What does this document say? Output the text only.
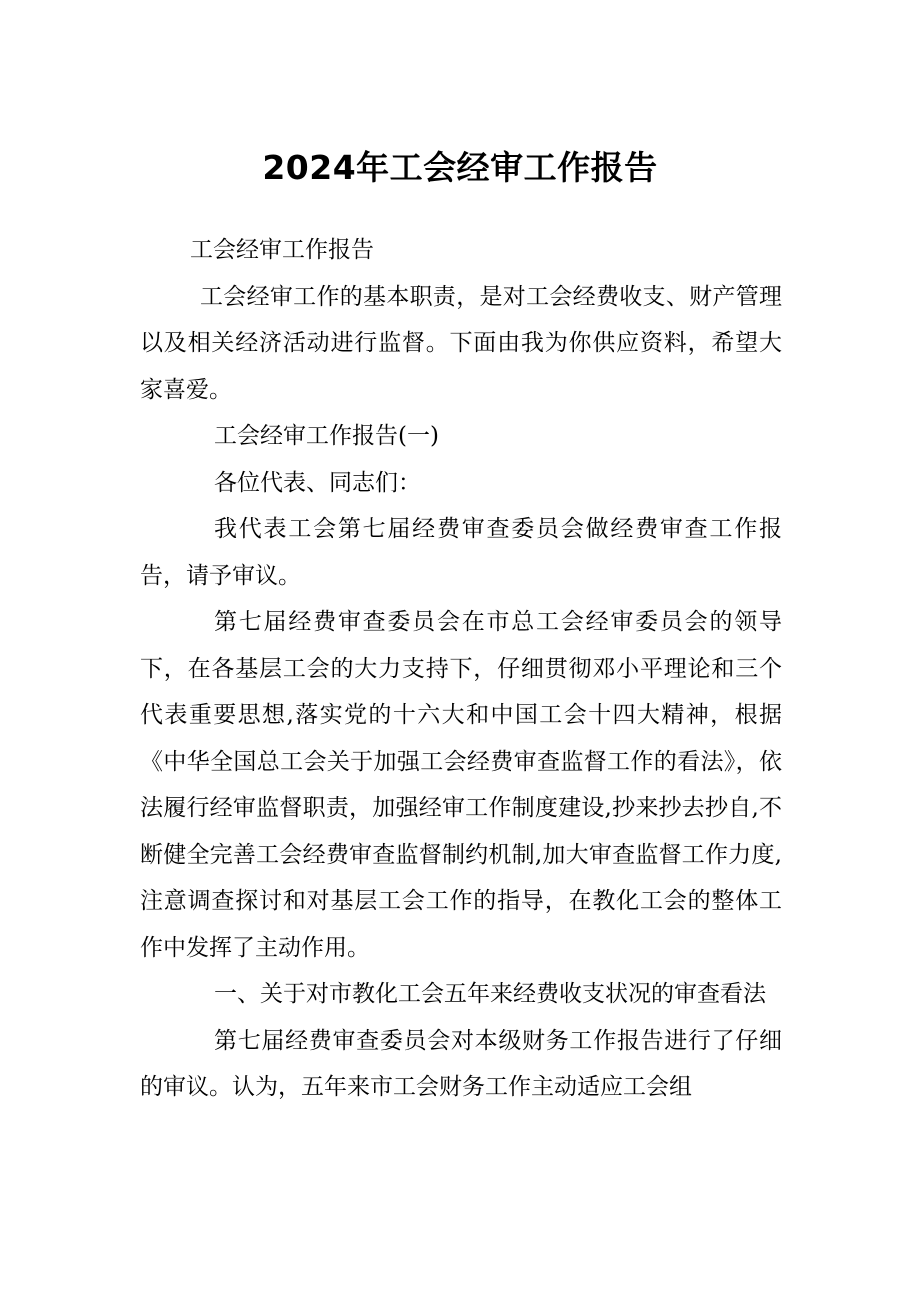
2024年工会经审工作报告

工会经审工作报告

工会经审工作的基本职责，是对工会经费收支、财产管理以及相关经济活动进行监督。下面由我为你供应资料，希望大家喜爱。

工会经审工作报告(一)

各位代表、同志们：

我代表工会第七届经费审查委员会做经费审查工作报告，请予审议。

第七届经费审查委员会在市总工会经审委员会的领导下，在各基层工会的大力支持下，仔细贯彻邓小平理论和三个代表重要思想,落实党的十六大和中国工会十四大精神，根据《中华全国总工会关于加强工会经费审查监督工作的看法》，依法履行经审监督职责，加强经审工作制度建设,抄来抄去抄自,不断健全完善工会经费审查监督制约机制,加大审查监督工作力度,注意调查探讨和对基层工会工作的指导，在教化工会的整体工作中发挥了主动作用。

一、关于对市教化工会五年来经费收支状况的审查看法

第七届经费审查委员会对本级财务工作报告进行了仔细的审议。认为，五年来市工会财务工作主动适应工会组
